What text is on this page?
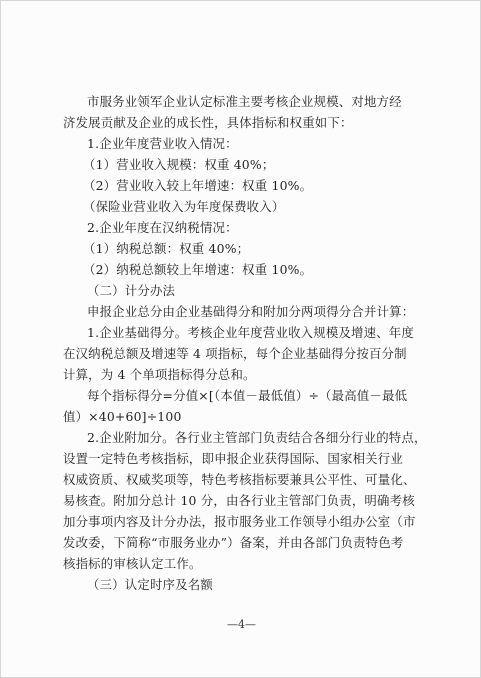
市服务业领军企业认定标准主要考核企业规模、对地方经
济发展贡献及企业的成长性，具体指标和权重如下：
1.企业年度营业收入情况：
（1）营业收入规模：权重 40%；
（2）营业收入较上年增速：权重 10%。
（保险业营业收入为年度保费收入）
2.企业年度在汉纳税情况：
（1）纳税总额：权重 40%；
（2）纳税总额较上年增速：权重 10%。
（二）计分办法
申报企业总分由企业基础得分和附加分两项得分合并计算：
1.企业基础得分。考核企业年度营业收入规模及增速、年度
在汉纳税总额及增速等 4 项指标，每个企业基础得分按百分制
计算，为 4 个单项指标得分总和。
每个指标得分=分值×[（本值－最低值）÷（最高值－最低
值）×40+60]÷100
2.企业附加分。各行业主管部门负责结合各细分行业的特点，
设置一定特色考核指标，即申报企业获得国际、国家相关行业
权威资质、权威奖项等，特色考核指标要兼具公平性、可量化、
易核查。附加分总计 10 分，由各行业主管部门负责，明确考核
加分事项内容及计分办法，报市服务业工作领导小组办公室（市
发改委，下简称“市服务业办”）备案，并由各部门负责特色考
核指标的审核认定工作。
（三）认定时序及名额
—4—
